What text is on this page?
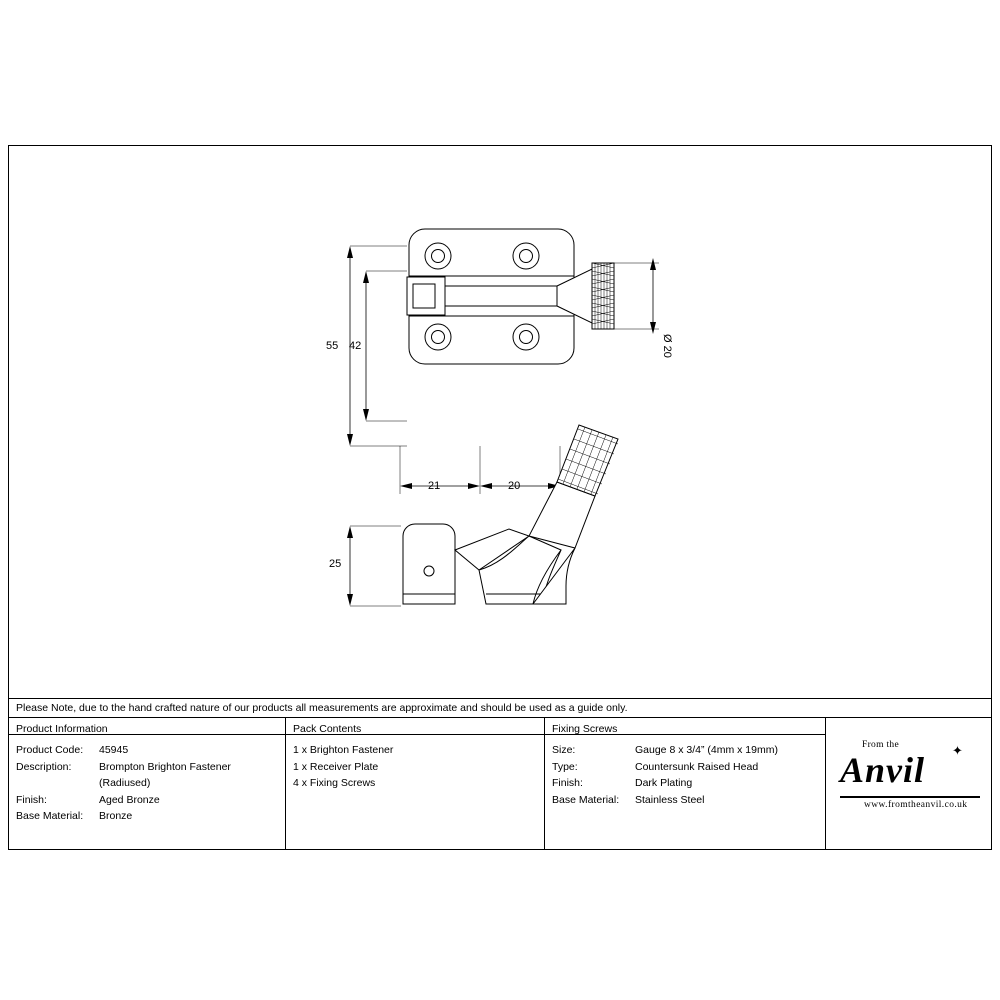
55 42	Ø 20
21	20
25
Please Note, due to the hand crafted nature of our products all measurements are approximate and should be used as a guide only.
Product Information
Product Code:	45945
Description:	Brompton Brighton Fastener
(Radiused)
Finish:	Aged Bronze
Base Material:	Bronze
Pack Contents
1 x Brighton Fastener
1 x Receiver Plate
4 x Fixing Screws
Fixing Screws
Size:	Gauge 8 x 3/4” (4mm x 19mm)
Type:	Countersunk Raised Head
Finish:	Dark Plating
Base Material:	Stainless Steel
From the	✦
Anvil
www.fromtheanvil.co.uk
